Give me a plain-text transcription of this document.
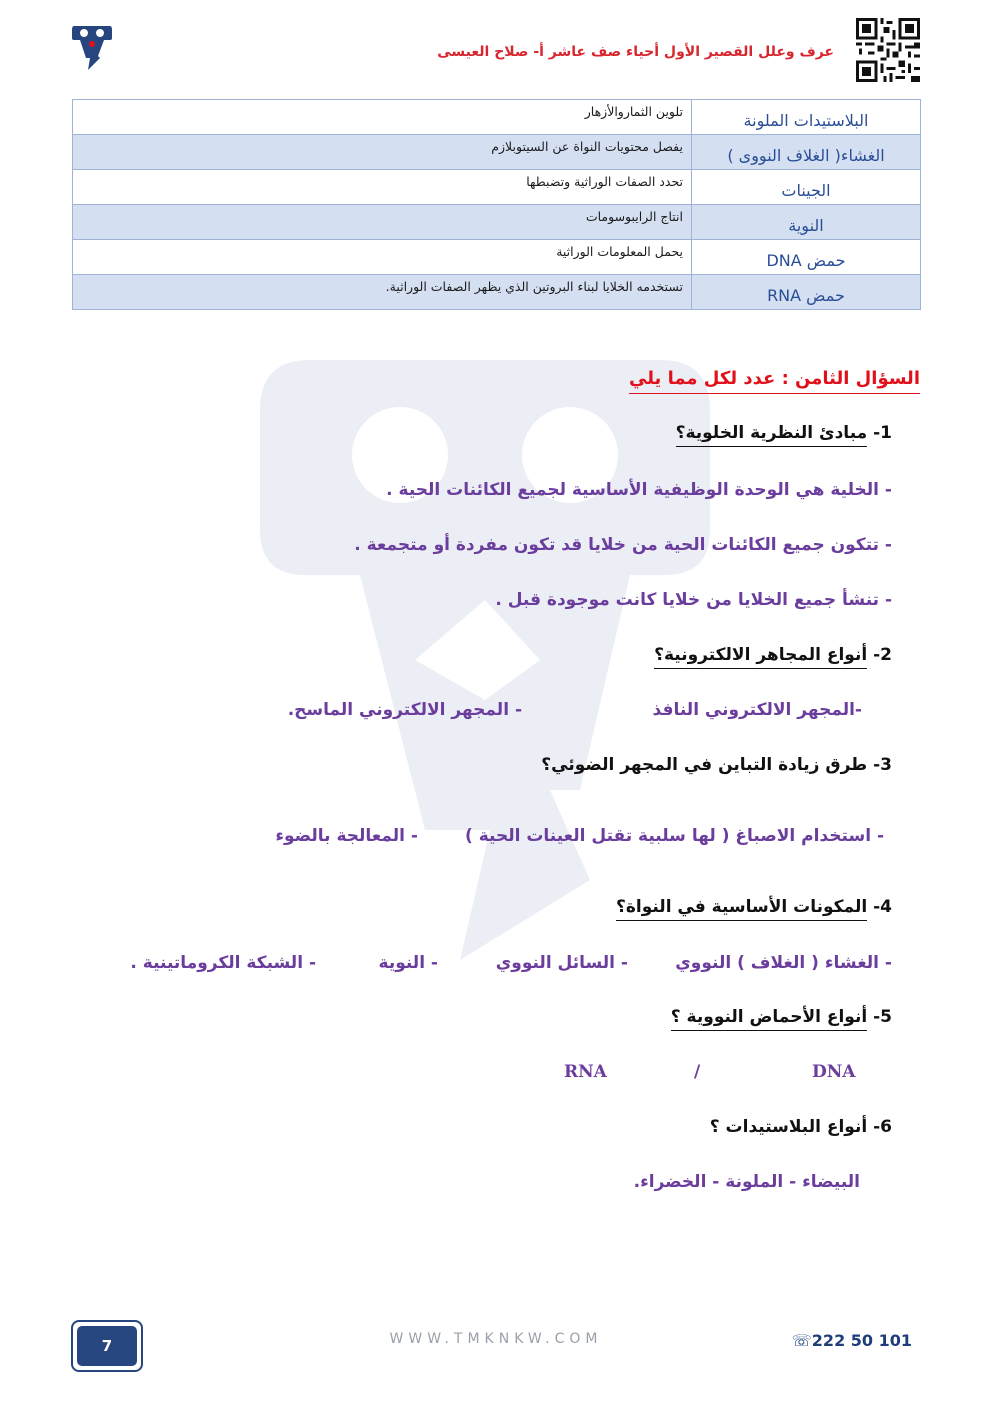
عرف وعلل القصير الأول أحياء صف عاشر أ- صلاح العيسى
البلاستيدات الملونة	تلوين الثماروالأزهار
الغشاء( الغلاف النووى )	يفصل محتويات النواة عن السيتوبلازم
الجينات	تحدد الصفات الوراثية وتضبطها
النوية	انتاج الرايبوسومات
حمض DNA	يحمل المعلومات الوراثية
حمض RNA	تستخدمه الخلايا لبناء البروتين الذي يظهر الصفات الوراثية.
السؤال الثامن : عدد لكل مما يلي
1- مبادئ النظرية الخلوية؟
- الخلية هي الوحدة الوظيفية الأساسية لجميع الكائنات الحية .
- تتكون جميع الكائنات الحية من خلايا قد تكون مفردة أو متجمعة .
- تنشأ جميع الخلايا من خلايا كانت موجودة قبل .
2- أنواع المجاهر الالكترونية؟
-المجهر الالكتروني النافذ
- المجهر الالكتروني الماسح.
3- طرق زيادة التباين في المجهر الضوئي؟
- استخدام الاصباغ ( لها سلبية تقتل العينات الحية )
- المعالجة بالضوء
4- المكونات الأساسية في النواة؟
- الغشاء ( الغلاف ) النووي
- السائل النووي
- النوية
- الشبكة الكروماتينية .
5- أنواع الأحماض النووية ؟
DNA
/
RNA
6- أنواع البلاستيدات ؟
البيضاء - الملونة - الخضراء.
7	WWW.TMKNKW.COM	☏222 50 101
